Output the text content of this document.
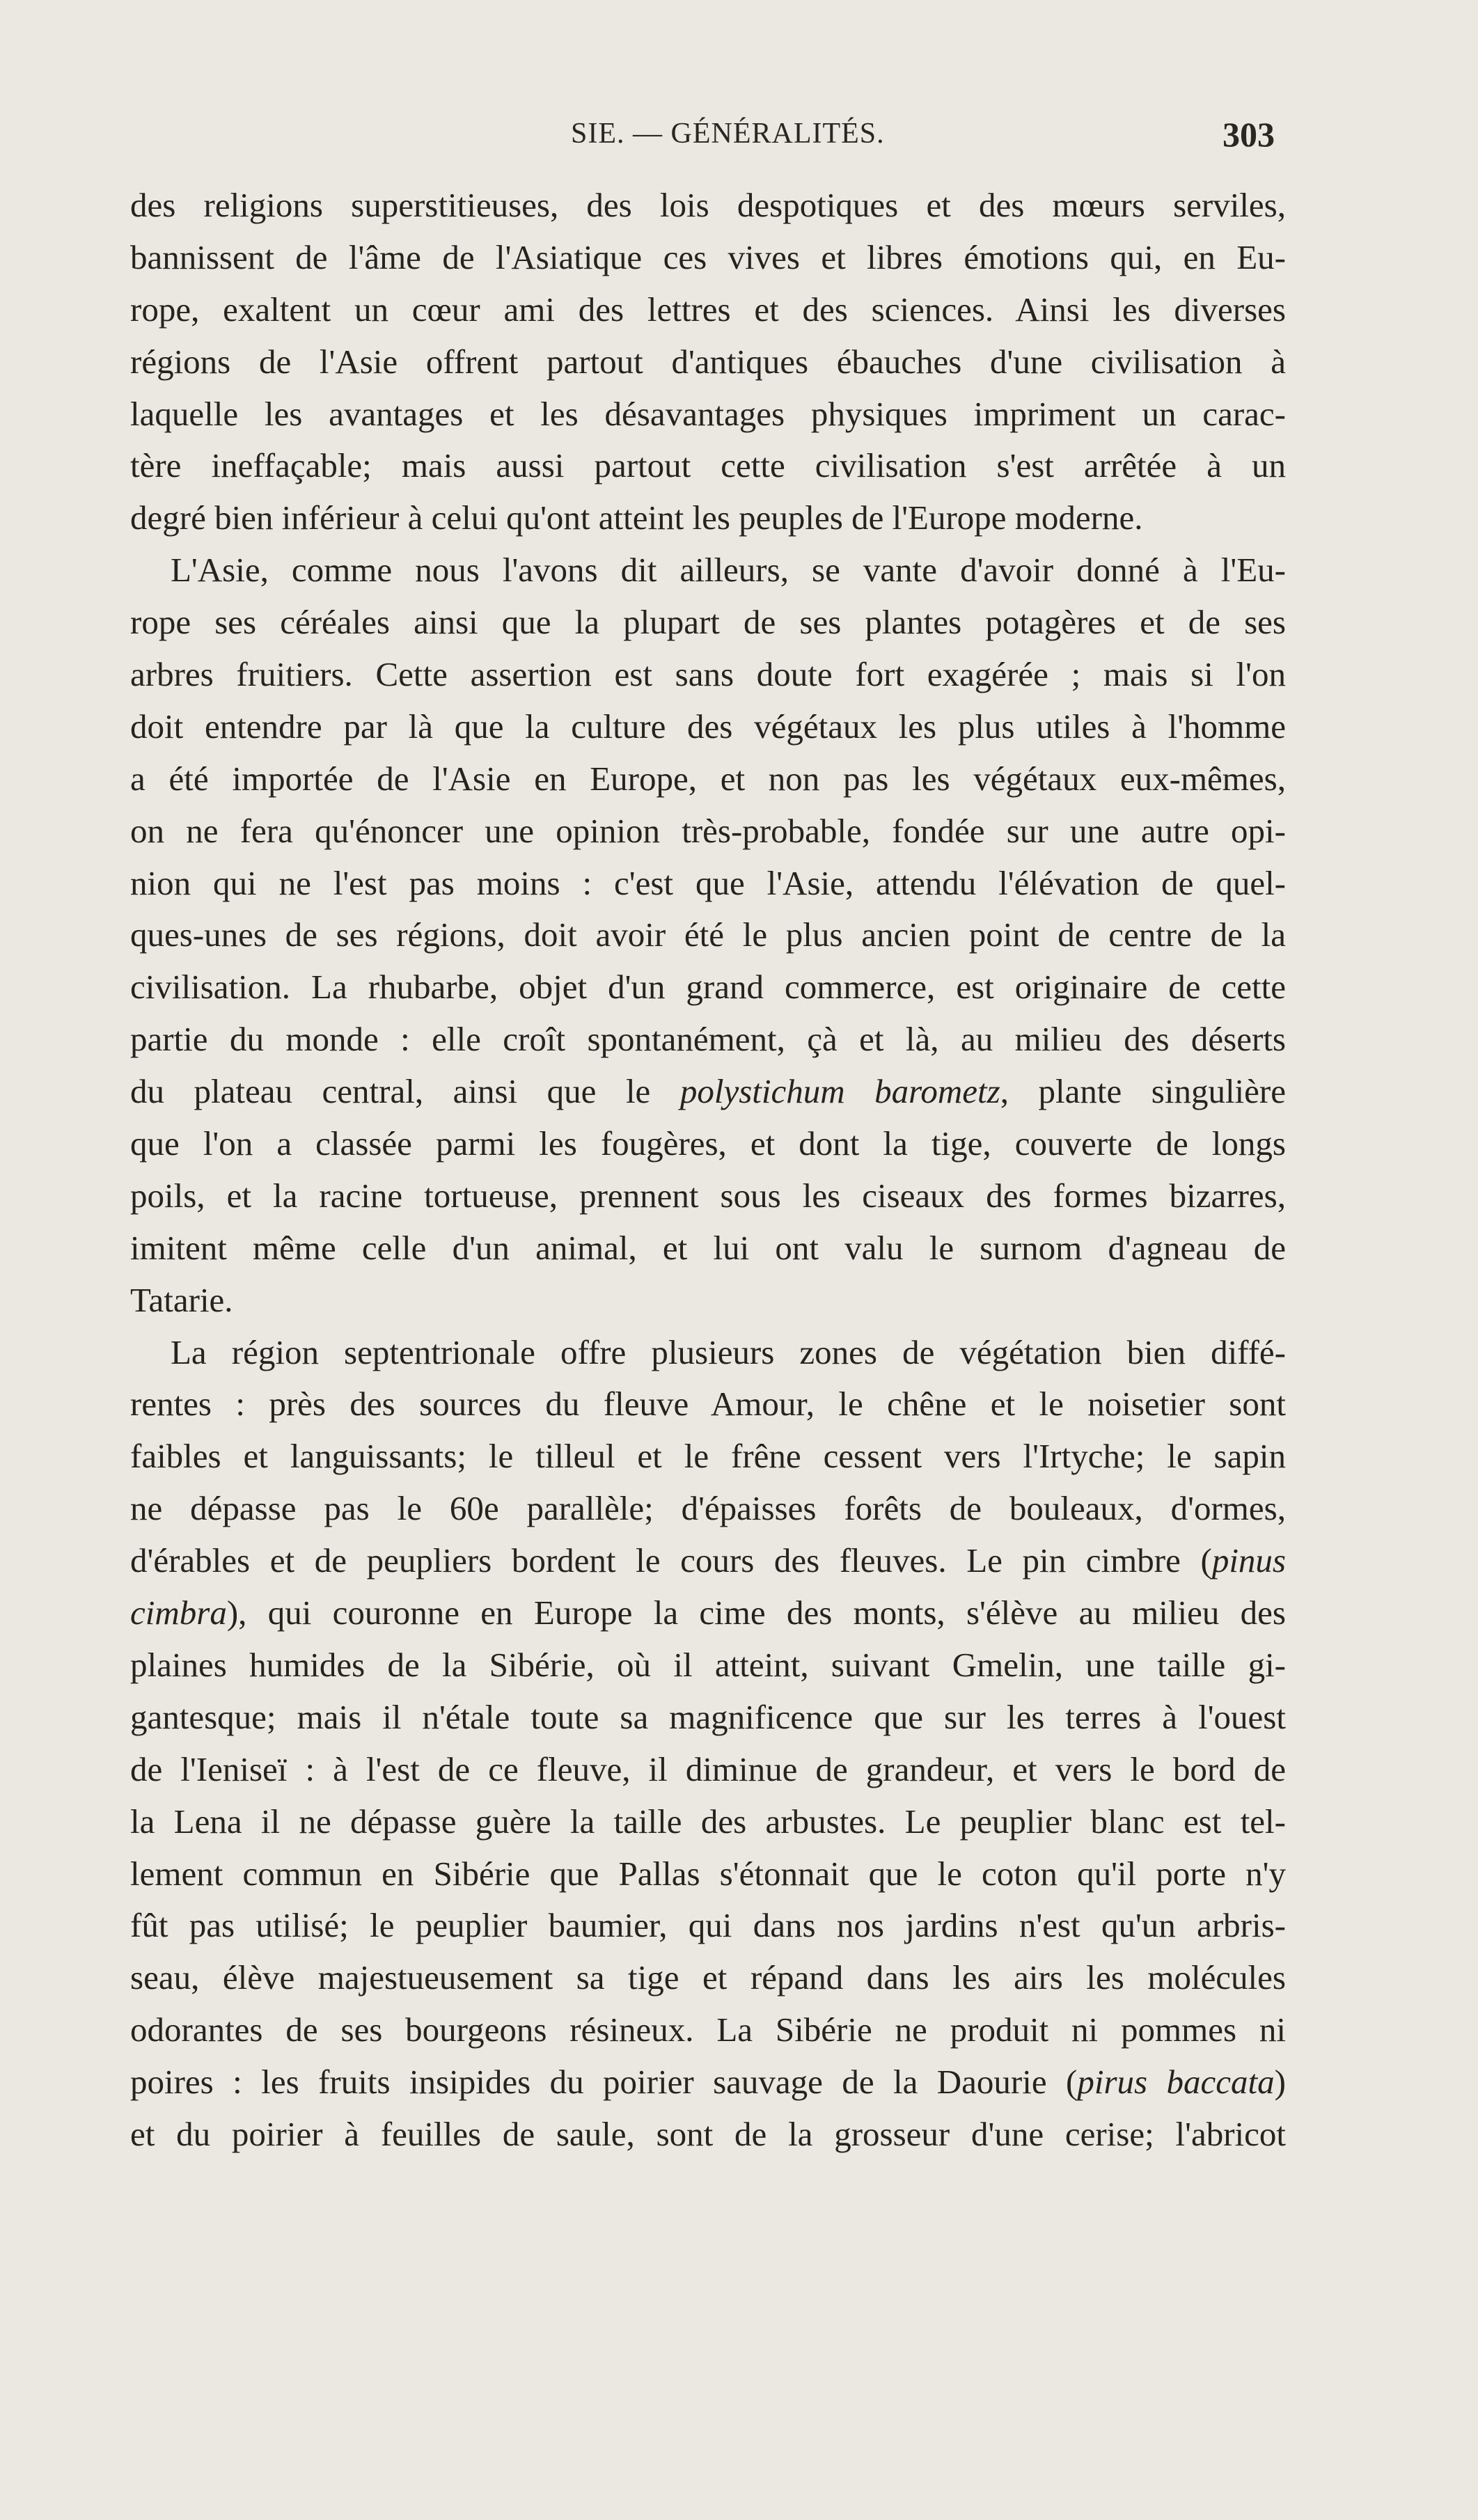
SIE. — GÉNÉRALITÉS.	303
des religions superstitieuses, des lois despotiques et des mœurs serviles,
bannissent de l'âme de l'Asiatique ces vives et libres émotions qui, en Eu-
rope, exaltent un cœur ami des lettres et des sciences. Ainsi les diverses
régions de l'Asie offrent partout d'antiques ébauches d'une civilisation à
laquelle les avantages et les désavantages physiques impriment un carac-
tère ineffaçable; mais aussi partout cette civilisation s'est arrêtée à un
degré bien inférieur à celui qu'ont atteint les peuples de l'Europe moderne.
L'Asie, comme nous l'avons dit ailleurs, se vante d'avoir donné à l'Eu-
rope ses céréales ainsi que la plupart de ses plantes potagères et de ses
arbres fruitiers. Cette assertion est sans doute fort exagérée ; mais si l'on
doit entendre par là que la culture des végétaux les plus utiles à l'homme
a été importée de l'Asie en Europe, et non pas les végétaux eux-mêmes,
on ne fera qu'énoncer une opinion très-probable, fondée sur une autre opi-
nion qui ne l'est pas moins : c'est que l'Asie, attendu l'élévation de quel-
ques-unes de ses régions, doit avoir été le plus ancien point de centre de la
civilisation. La rhubarbe, objet d'un grand commerce, est originaire de cette
partie du monde : elle croît spontanément, çà et là, au milieu des déserts
du plateau central, ainsi que le polystichum barometz, plante singulière
que l'on a classée parmi les fougères, et dont la tige, couverte de longs
poils, et la racine tortueuse, prennent sous les ciseaux des formes bizarres,
imitent même celle d'un animal, et lui ont valu le surnom d'agneau de
Tatarie.
La région septentrionale offre plusieurs zones de végétation bien diffé-
rentes : près des sources du fleuve Amour, le chêne et le noisetier sont
faibles et languissants; le tilleul et le frêne cessent vers l'Irtyche; le sapin
ne dépasse pas le 60e parallèle; d'épaisses forêts de bouleaux, d'ormes,
d'érables et de peupliers bordent le cours des fleuves. Le pin cimbre (pinus
cimbra), qui couronne en Europe la cime des monts, s'élève au milieu des
plaines humides de la Sibérie, où il atteint, suivant Gmelin, une taille gi-
gantesque; mais il n'étale toute sa magnificence que sur les terres à l'ouest
de l'Ieniseï : à l'est de ce fleuve, il diminue de grandeur, et vers le bord de
la Lena il ne dépasse guère la taille des arbustes. Le peuplier blanc est tel-
lement commun en Sibérie que Pallas s'étonnait que le coton qu'il porte n'y
fût pas utilisé; le peuplier baumier, qui dans nos jardins n'est qu'un arbris-
seau, élève majestueusement sa tige et répand dans les airs les molécules
odorantes de ses bourgeons résineux. La Sibérie ne produit ni pommes ni
poires : les fruits insipides du poirier sauvage de la Daourie (pirus baccata)
et du poirier à feuilles de saule, sont de la grosseur d'une cerise; l'abricot
